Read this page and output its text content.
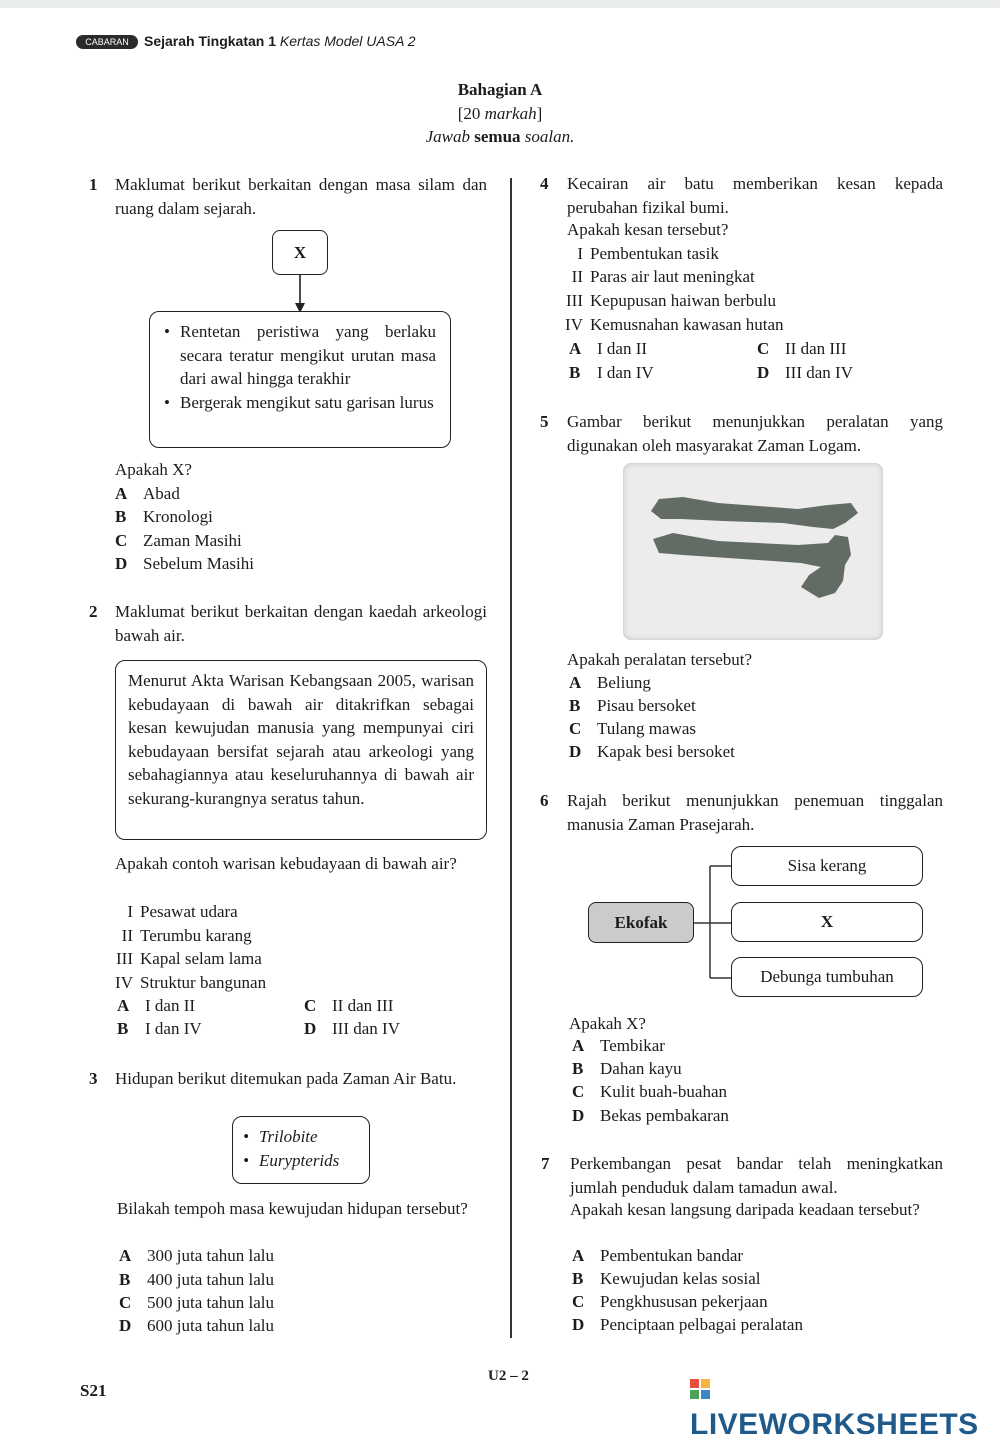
CABARAN Sejarah Tingkatan 1 Kertas Model UASA 2
Bahagian A
[20 markah]
Jawab semua soalan.
1 Maklumat berikut berkaitan dengan masa silam dan ruang dalam sejarah.
X
• Rentetan peristiwa yang berlaku secara teratur mengikut urutan masa dari awal hingga terakhir
• Bergerak mengikut satu garisan lurus
Apakah X?
A Abad
B Kronologi
C Zaman Masihi
D Sebelum Masihi
2 Maklumat berikut berkaitan dengan kaedah arkeologi bawah air.
Menurut Akta Warisan Kebangsaan 2005, warisan kebudayaan di bawah air ditakrifkan sebagai kesan kewujudan manusia yang mempunyai ciri kebudayaan bersifat sejarah atau arkeologi yang sebahagiannya atau keseluruhannya di bawah air sekurang-kurangnya seratus tahun.
Apakah contoh warisan kebudayaan di bawah air?
I Pesawat udara
II Terumbu karang
III Kapal selam lama
IV Struktur bangunan
A I dan II
B I dan IV
C II dan III
D III dan IV
3 Hidupan berikut ditemukan pada Zaman Air Batu.
• Trilobite
• Eurypterids
Bilakah tempoh masa kewujudan hidupan tersebut?
A 300 juta tahun lalu
B 400 juta tahun lalu
C 500 juta tahun lalu
D 600 juta tahun lalu
4 Kecairan air batu memberikan kesan kepada perubahan fizikal bumi.
Apakah kesan tersebut?
I Pembentukan tasik
II Paras air laut meningkat
III Kepupusan haiwan berbulu
IV Kemusnahan kawasan hutan
A I dan II
B I dan IV
C II dan III
D III dan IV
5 Gambar berikut menunjukkan peralatan yang digunakan oleh masyarakat Zaman Logam.
Apakah peralatan tersebut?
A Beliung
B Pisau bersoket
C Tulang mawas
D Kapak besi bersoket
6 Rajah berikut menunjukkan penemuan tinggalan manusia Zaman Prasejarah.
Ekofak
Sisa kerang
X
Debunga tumbuhan
Apakah X?
A Tembikar
B Dahan kayu
C Kulit buah-buahan
D Bekas pembakaran
7 Perkembangan pesat bandar telah meningkatkan jumlah penduduk dalam tamadun awal.
Apakah kesan langsung daripada keadaan tersebut?
A Pembentukan bandar
B Kewujudan kelas sosial
C Pengkhususan pekerjaan
D Penciptaan pelbagai peralatan
S21
U2 – 2
LIVEWORKSHEETS
